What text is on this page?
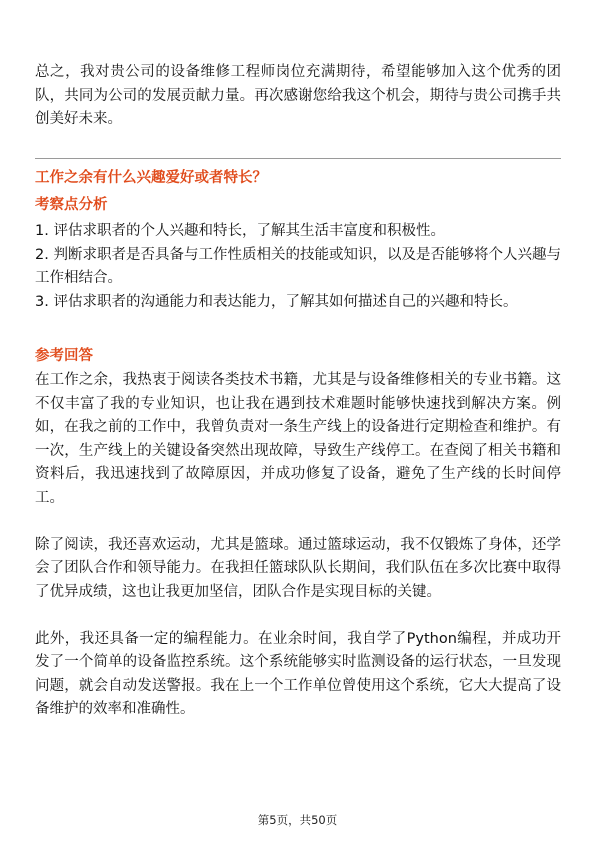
总之，我对贵公司的设备维修工程师岗位充满期待，希望能够加入这个优秀的团队，共同为公司的发展贡献力量。再次感谢您给我这个机会，期待与贵公司携手共创美好未来。

工作之余有什么兴趣爱好或者特长？
考察点分析

1. 评估求职者的个人兴趣和特长，了解其生活丰富度和积极性。

2. 判断求职者是否具备与工作性质相关的技能或知识，以及是否能够将个人兴趣与工作相结合。

3. 评估求职者的沟通能力和表达能力，了解其如何描述自己的兴趣和特长。

参考回答

在工作之余，我热衷于阅读各类技术书籍，尤其是与设备维修相关的专业书籍。这不仅丰富了我的专业知识，也让我在遇到技术难题时能够快速找到解决方案。例如，在我之前的工作中，我曾负责对一条生产线上的设备进行定期检查和维护。有一次，生产线上的关键设备突然出现故障，导致生产线停工。在查阅了相关书籍和资料后，我迅速找到了故障原因，并成功修复了设备，避免了生产线的长时间停工。

除了阅读，我还喜欢运动，尤其是篮球。通过篮球运动，我不仅锻炼了身体，还学会了团队合作和领导能力。在我担任篮球队队长期间，我们队伍在多次比赛中取得了优异成绩，这也让我更加坚信，团队合作是实现目标的关键。

此外，我还具备一定的编程能力。在业余时间，我自学了Python编程，并成功开发了一个简单的设备监控系统。这个系统能够实时监测设备的运行状态，一旦发现问题，就会自动发送警报。我在上一个工作单位曾使用这个系统，它大大提高了设备维护的效率和准确性。

第5页，共50页
